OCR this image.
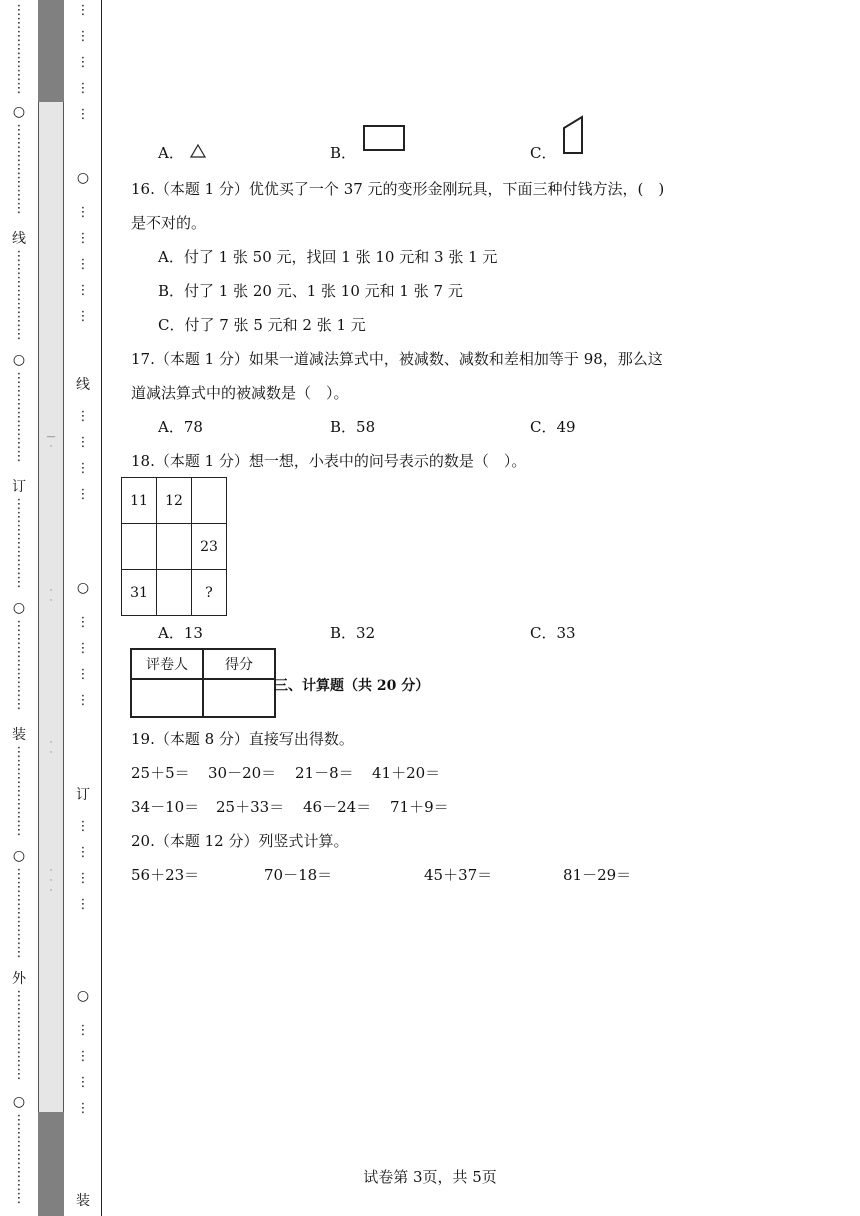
⋮
⋮
⋮
⋮
⋮
⋮
⋮
○
⋮
⋮
⋮
⋮
⋮
⋮
⋮
线
⋮
⋮
⋮
⋮
⋮
⋮
⋮
○
⋮
⋮
⋮
⋮
⋮
⋮
⋮
订
⋮
⋮
⋮
⋮
⋮
⋮
⋮
○
⋮
⋮
⋮
⋮
⋮
⋮
⋮
装
⋮
⋮
⋮
⋮
⋮
⋮
⋮
○
⋮
⋮
⋮
⋮
⋮
⋮
⋮
外
⋮
⋮
⋮
⋮
⋮
⋮
⋮
○
⋮
⋮
⋮
⋮
⋮
⋮
⋮
—
·
·
·
·
·
·
·
·
⋮

⋮

⋮

⋮

⋮
○
⋮

⋮

⋮

⋮

⋮
线
⋮

⋮

⋮

⋮
○
⋮

⋮

⋮

⋮
订
⋮

⋮

⋮

⋮
○
⋮

⋮

⋮

⋮
装
A．	B．	C．
16.（本题 1 分）优优买了一个 37 元的变形金刚玩具，下面三种付钱方法，(　)
是不对的。
A．付了 1 张 50 元，找回 1 张 10 元和 3 张 1 元
B．付了 1 张 20 元、1 张 10 元和 1 张 7 元
C．付了 7 张 5 元和 2 张 1 元
17.（本题 1 分）如果一道减法算式中，被减数、减数和差相加等于 98，那么这
道减法算式中的被减数是（　）。
A．78	B．58	C．49
18.（本题 1 分）想一想，小表中的问号表示的数是（　）。
11	12	
		23
31		?
A．13	B．32	C．33
评卷人	得分

三、计算题（共 20 分）
19.（本题 8 分）直接写出得数。
25＋5＝ 30－20＝ 21－8＝ 41＋20＝
34－10＝ 25＋33＝ 46－24＝ 71＋9＝
20.（本题 12 分）列竖式计算。
56＋23＝	70－18＝	45＋37＝	81－29＝
试卷第 3页，共 5页
